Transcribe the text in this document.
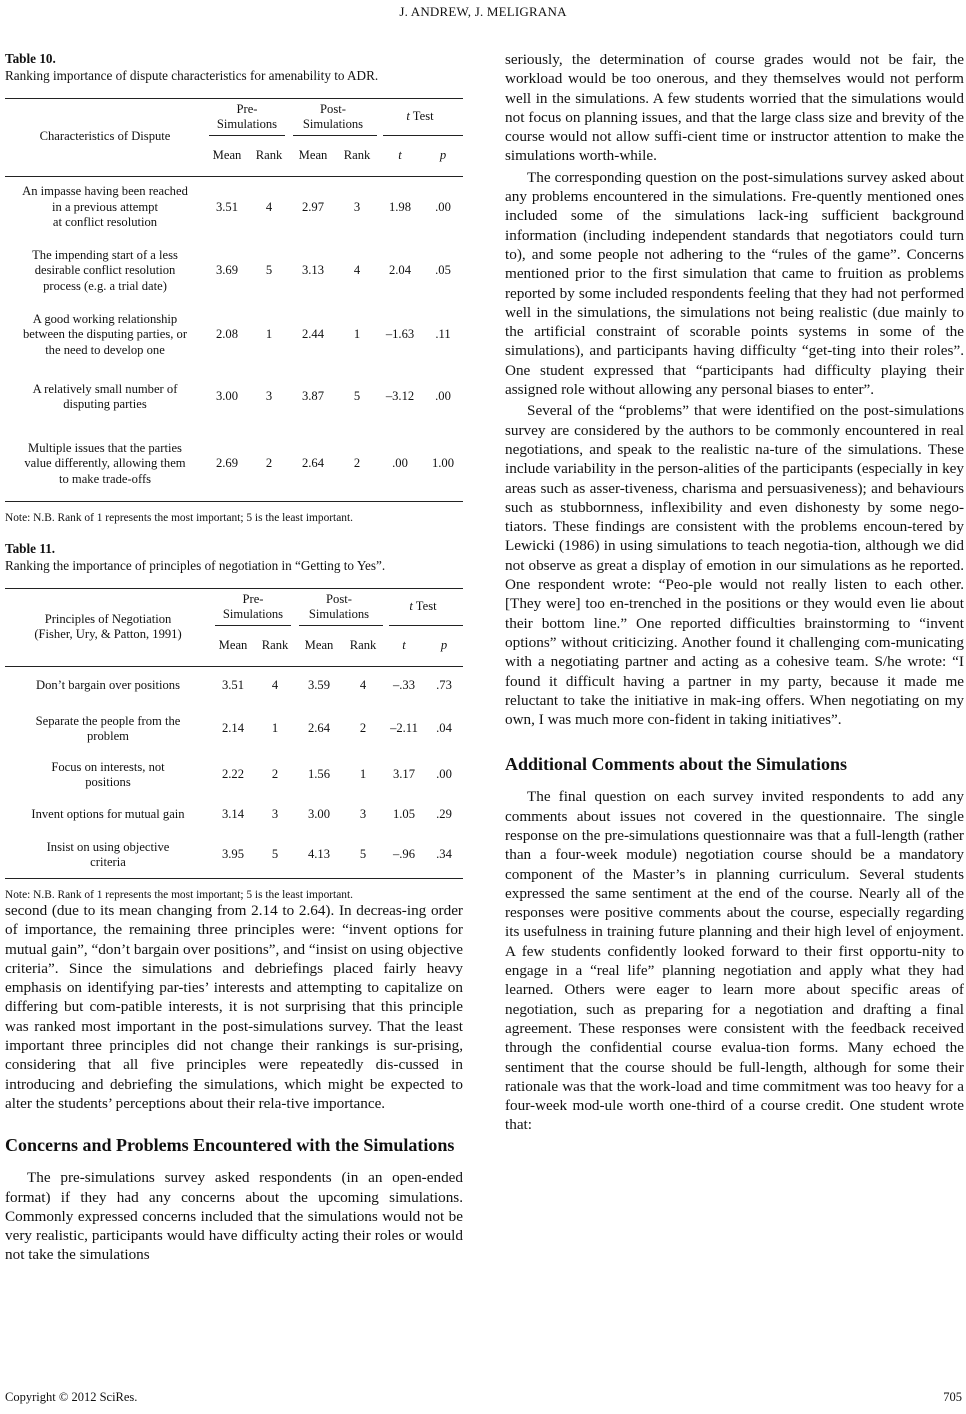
J. ANDREW, J. MELIGRANA
Table 10.
Ranking importance of dispute characteristics for amenability to ADR.
Characteristics of Dispute	Pre-
Simulations		Post-
Simulations		t Test	
	Mean	Rank	Mean	Rank	t	p
An impasse having been reached
in a previous attempt
at conflict resolution	3.51	4	2.97	3	1.98	.00
The impending start of a less
desirable conflict resolution
process (e.g. a trial date)	3.69	5	3.13	4	2.04	.05
A good working relationship
between the disputing parties, or
the need to develop one	2.08	1	2.44	1	–1.63	.11
A relatively small number of
disputing parties	3.00	3	3.87	5	–3.12	.00
Multiple issues that the parties
value differently, allowing them
to make trade-offs	2.69	2	2.64	2	.00	1.00
Note: N.B. Rank of 1 represents the most important; 5 is the least important.
Table 11.
Ranking the importance of principles of negotiation in “Getting to Yes”.
Principles of Negotiation
(Fisher, Ury, & Patton, 1991)	Pre-
Simulations		Post-
Simulations		t Test	
	Mean	Rank	Mean	Rank	t	p
Don’t bargain over positions	3.51	4	3.59	4	–.33	.73
Separate the people from the
problem	2.14	1	2.64	2	–2.11	.04
Focus on interests, not
positions	2.22	2	1.56	1	3.17	.00
Invent options for mutual gain	3.14	3	3.00	3	1.05	.29
Insist on using objective
criteria	3.95	5	4.13	5	–.96	.34
Note: N.B. Rank of 1 represents the most important; 5 is the least important.

second (due to its mean changing from 2.14 to 2.64). In decreas-ing order of importance, the remaining three principles were: “invent options for mutual gain”, “don’t bargain over positions”, and “insist on using objective criteria”. Since the simulations and debriefings placed fairly heavy emphasis on identifying par-ties’ interests and attempting to capitalize on differing but com-patible interests, it is not surprising that this principle was ranked most important in the post-simulations survey. That the least important three principles did not change their rankings is sur-prising, considering that all five principles were repeatedly dis-cussed in introducing and debriefing the simulations, which might be expected to alter the students’ perceptions about their rela-tive importance.

Concerns and Problems Encountered with the Simulations

The pre-simulations survey asked respondents (in an open-ended format) if they had any concerns about the upcoming simulations. Commonly expressed concerns included that the simulations would not be very realistic, participants would have difficulty acting their roles or would not take the simulations

seriously, the determination of course grades would not be fair, the workload would be too onerous, and they themselves would not perform well in the simulations. A few students worried that the simulations would not focus on planning issues, and that the large class size and brevity of the course would not allow suffi-cient time or instructor attention to make the simulations worth-while.

The corresponding question on the post-simulations survey asked about any problems encountered in the simulations. Fre-quently mentioned ones included some of the simulations lack-ing sufficient background information (including independent standards that negotiators could turn to), and some people not adhering to the “rules of the game”. Concerns mentioned prior to the first simulation that came to fruition as problems reported by some included respondents feeling that they had not performed well in the simulations, the simulations not being realistic (due mainly to the artificial constraint of scorable points systems in some of the simulations), and participants having difficulty “get-ting into their roles”. One student expressed that “participants had difficulty playing their assigned role without allowing any personal biases to enter”.

Several of the “problems” that were identified on the post-simulations survey are considered by the authors to be commonly encountered in real negotiations, and speak to the realistic na-ture of the simulations. These include variability in the person-alities of the participants (especially in key areas such as asser-tiveness, charisma and persuasiveness); and behaviours such as stubbornness, inflexibility and even dishonesty by some nego-tiators. These findings are consistent with the problems encoun-tered by Lewicki (1986) in using simulations to teach negotia-tion, although we did not observe as great a display of emotion in our simulations as he reported. One respondent wrote: “Peo-ple would not really listen to each other. [They were] too en-trenched in the positions or they would even lie about their bottom line.” One reported difficulties brainstorming to “invent options” without criticizing. Another found it challenging com-municating with a negotiating partner and acting as a cohesive team. S/he wrote: “I found it difficult having a partner in my party, because it made me reluctant to take the initiative in mak-ing offers. When negotiating on my own, I was much more con-fident in taking initiatives”.

Additional Comments about the Simulations

The final question on each survey invited respondents to add any comments about issues not covered in the questionnaire. The single response on the pre-simulations questionnaire was that a full-length (rather than a four-week module) negotiation course should be a mandatory component of the Master’s in planning curriculum. Several students expressed the same sentiment at the end of the course. Nearly all of the responses were positive comments about the course, especially regarding its usefulness in training future planning and their high level of enjoyment. A few students confidently looked forward to their first opportu-nity to engage in a “real life” planning negotiation and apply what they had learned. Others were eager to learn more about specific areas of negotiation, such as preparing for a negotiation and drafting a final agreement. These responses were consistent with the feedback received through the confidential course evalua-tion forms. Many echoed the sentiment that the course should be full-length, although for some their rationale was that the work-load and time commitment was too heavy for a four-week mod-ule worth one-third of a course credit. One student wrote that:

Copyright © 2012 SciRes.	705
